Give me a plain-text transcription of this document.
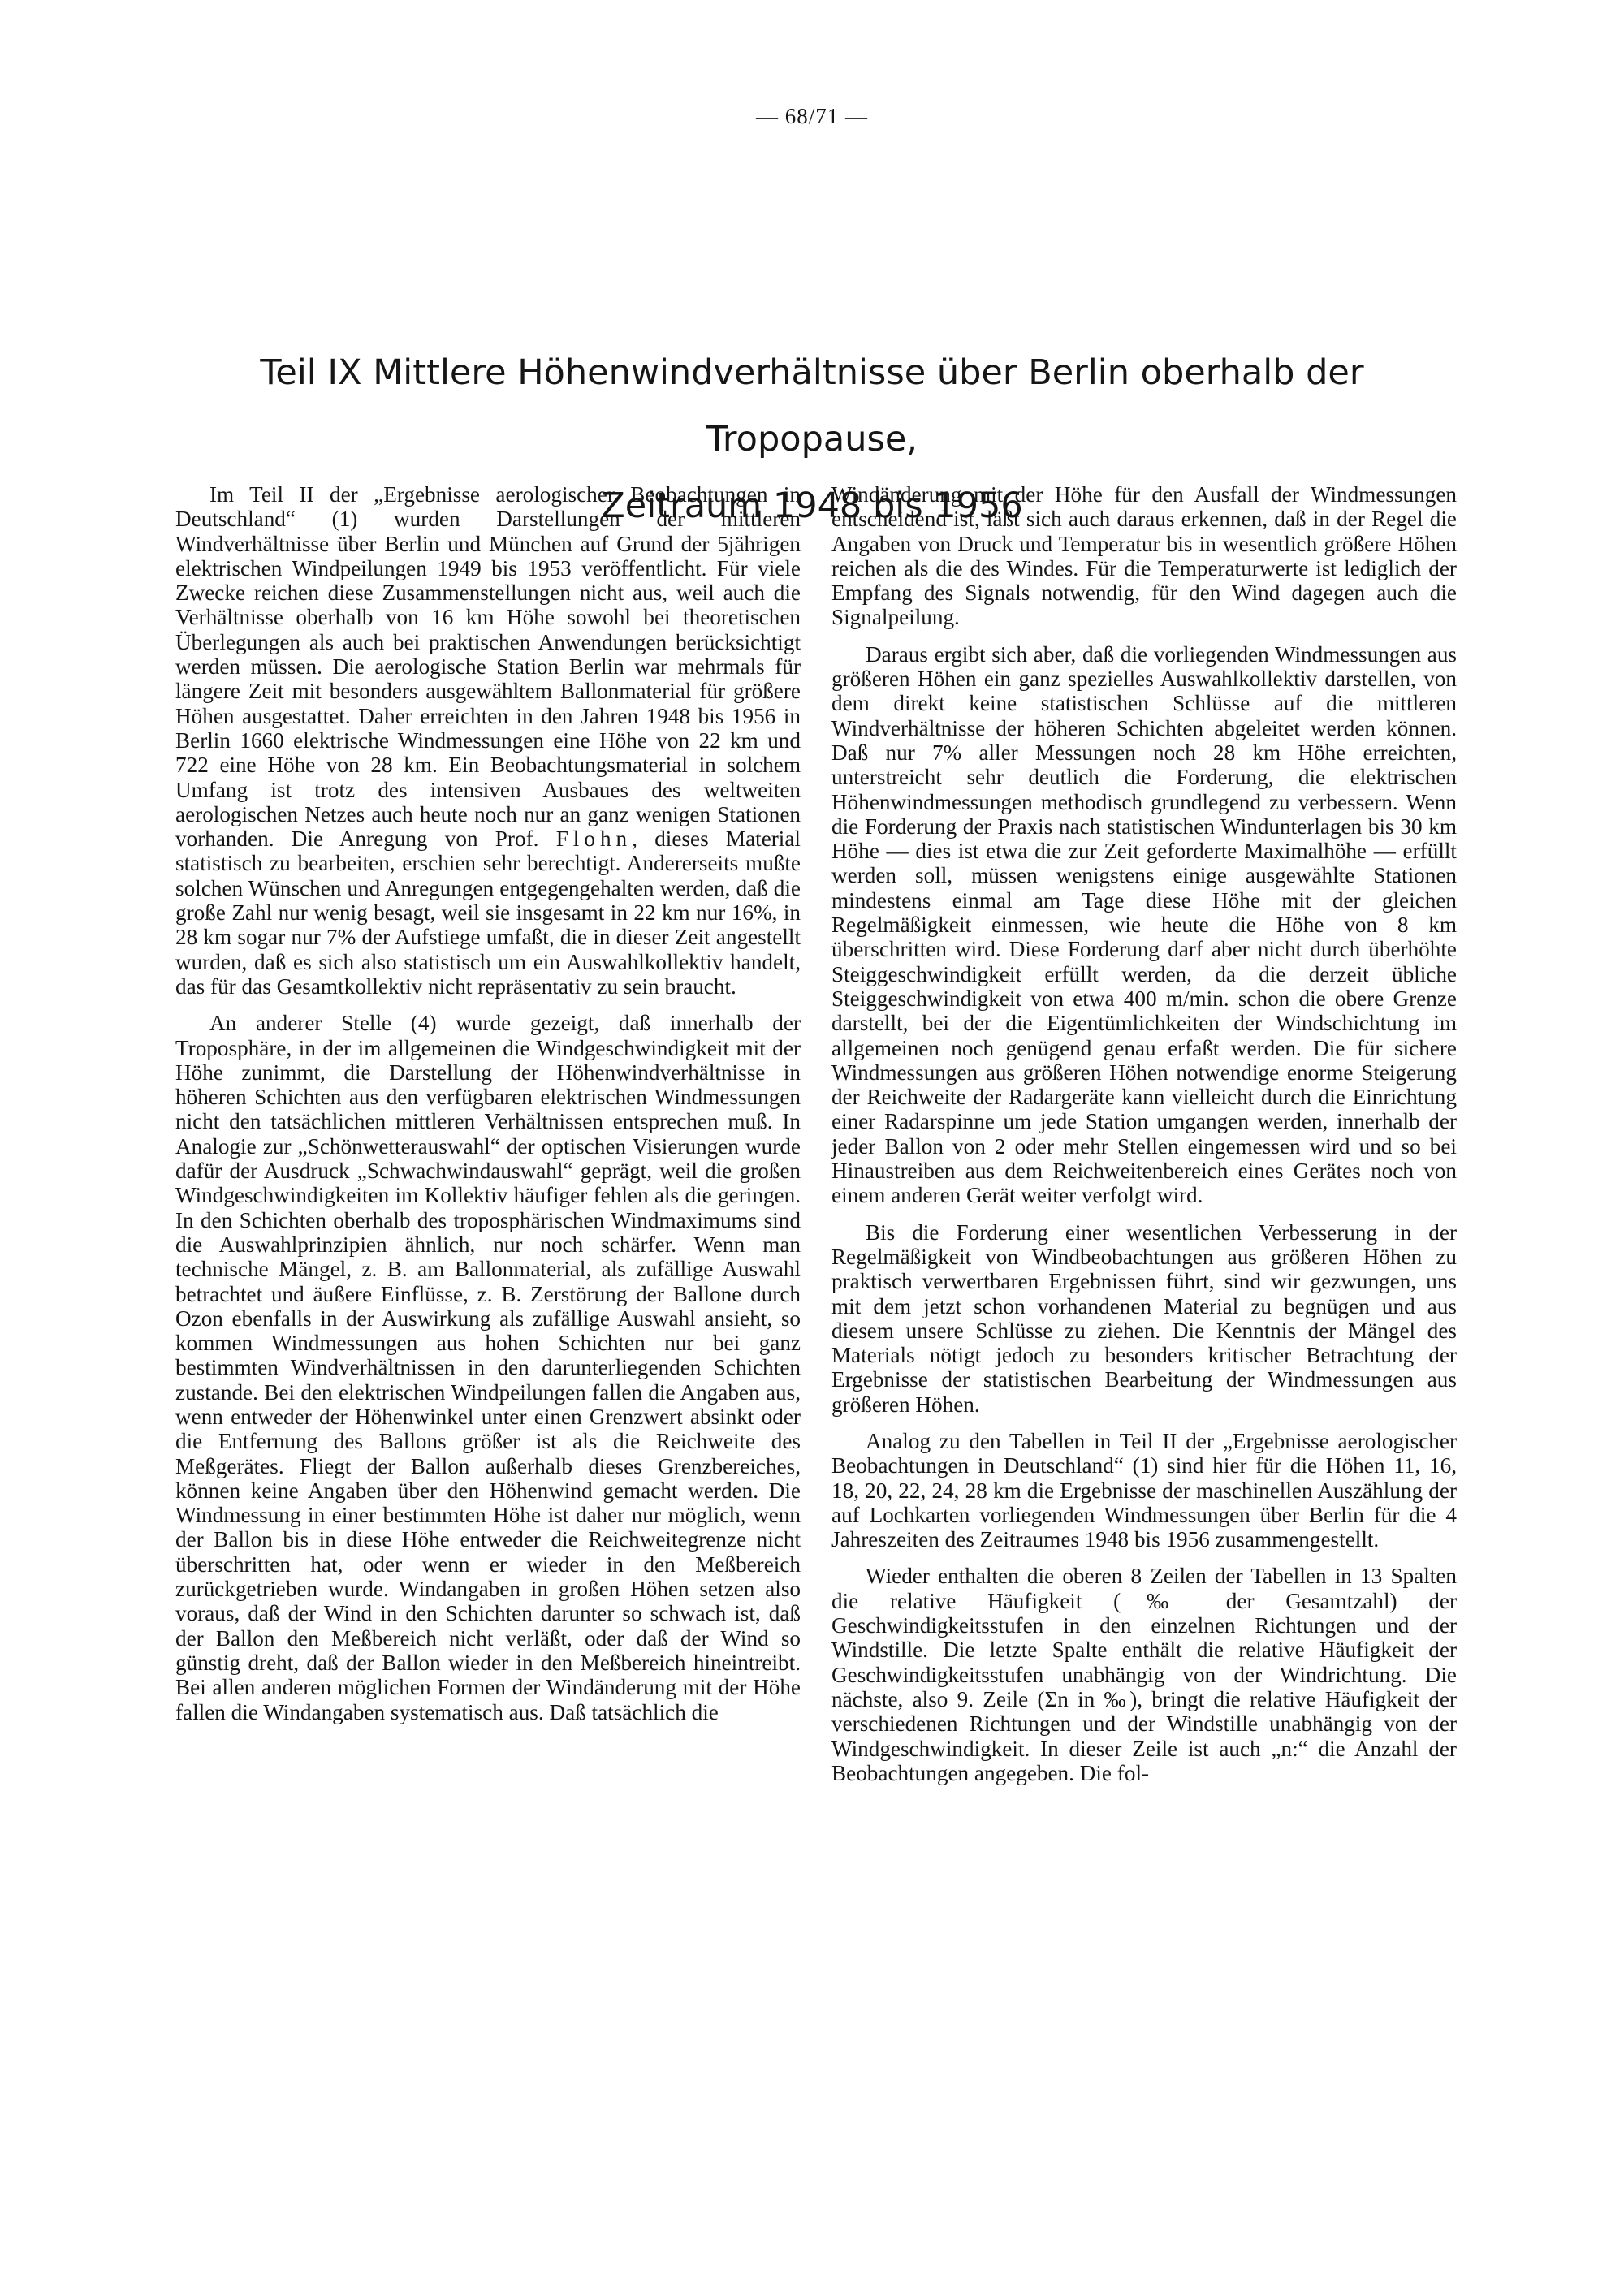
— 68/71 —
Teil IX Mittlere Höhenwindverhältnisse über Berlin oberhalb der Tropopause,
Zeitraum 1948 bis 1956

Im Teil II der „Ergebnisse aerologischer Beobachtungen in Deutschland“ (1) wurden Darstellungen der mittleren Windverhältnisse über Berlin und München auf Grund der 5jährigen elektrischen Windpeilungen 1949 bis 1953 veröffentlicht. Für viele Zwecke reichen diese Zusammenstellungen nicht aus, weil auch die Verhältnisse oberhalb von 16 km Höhe sowohl bei theoretischen Überlegungen als auch bei praktischen Anwendungen berücksichtigt werden müssen. Die aerologische Station Berlin war mehrmals für längere Zeit mit besonders ausgewähltem Ballonmaterial für größere Höhen ausgestattet. Daher erreichten in den Jahren 1948 bis 1956 in Berlin 1660 elektrische Windmessungen eine Höhe von 22 km und 722 eine Höhe von 28 km. Ein Beobachtungsmaterial in solchem Umfang ist trotz des intensiven Ausbaues des weltweiten aerologischen Netzes auch heute noch nur an ganz wenigen Stationen vorhanden. Die Anregung von Prof. Flohn, dieses Material statistisch zu bearbeiten, erschien sehr berechtigt. Andererseits mußte solchen Wünschen und Anregungen entgegengehalten werden, daß die große Zahl nur wenig besagt, weil sie insgesamt in 22 km nur 16%, in 28 km sogar nur 7% der Aufstiege umfaßt, die in dieser Zeit angestellt wurden, daß es sich also statistisch um ein Auswahlkollektiv handelt, das für das Gesamtkollektiv nicht repräsentativ zu sein braucht.

An anderer Stelle (4) wurde gezeigt, daß innerhalb der Troposphäre, in der im allgemeinen die Windgeschwindigkeit mit der Höhe zunimmt, die Darstellung der Höhenwindverhältnisse in höheren Schichten aus den verfügbaren elektrischen Windmessungen nicht den tatsächlichen mittleren Verhältnissen entsprechen muß. In Analogie zur „Schönwetterauswahl“ der optischen Visierungen wurde dafür der Ausdruck „Schwachwindauswahl“ geprägt, weil die großen Windgeschwindigkeiten im Kollektiv häufiger fehlen als die geringen. In den Schichten oberhalb des troposphärischen Windmaximums sind die Auswahlprinzipien ähnlich, nur noch schärfer. Wenn man technische Mängel, z. B. am Ballonmaterial, als zufällige Auswahl betrachtet und äußere Einflüsse, z. B. Zerstörung der Ballone durch Ozon ebenfalls in der Auswirkung als zufällige Auswahl ansieht, so kommen Windmessungen aus hohen Schichten nur bei ganz bestimmten Windverhältnissen in den darunterliegenden Schichten zustande. Bei den elektrischen Windpeilungen fallen die Angaben aus, wenn entweder der Höhenwinkel unter einen Grenzwert absinkt oder die Entfernung des Ballons größer ist als die Reichweite des Meßgerätes. Fliegt der Ballon außerhalb dieses Grenzbereiches, können keine Angaben über den Höhenwind gemacht werden. Die Windmessung in einer bestimmten Höhe ist daher nur möglich, wenn der Ballon bis in diese Höhe entweder die Reichweitegrenze nicht überschritten hat, oder wenn er wieder in den Meßbereich zurückgetrieben wurde. Windangaben in großen Höhen setzen also voraus, daß der Wind in den Schichten darunter so schwach ist, daß der Ballon den Meßbereich nicht verläßt, oder daß der Wind so günstig dreht, daß der Ballon wieder in den Meßbereich hineintreibt. Bei allen anderen möglichen Formen der Windänderung mit der Höhe fallen die Windangaben systematisch aus. Daß tatsächlich die

Windänderung mit der Höhe für den Ausfall der Windmessungen entscheidend ist, läßt sich auch daraus erkennen, daß in der Regel die Angaben von Druck und Temperatur bis in wesentlich größere Höhen reichen als die des Windes. Für die Temperaturwerte ist lediglich der Empfang des Signals notwendig, für den Wind dagegen auch die Signalpeilung.

Daraus ergibt sich aber, daß die vorliegenden Windmessungen aus größeren Höhen ein ganz spezielles Auswahlkollektiv darstellen, von dem direkt keine statistischen Schlüsse auf die mittleren Windverhältnisse der höheren Schichten abgeleitet werden können. Daß nur 7% aller Messungen noch 28 km Höhe erreichten, unterstreicht sehr deutlich die Forderung, die elektrischen Höhenwindmessungen methodisch grundlegend zu verbessern. Wenn die Forderung der Praxis nach statistischen Windunterlagen bis 30 km Höhe — dies ist etwa die zur Zeit geforderte Maximalhöhe — erfüllt werden soll, müssen wenigstens einige ausgewählte Stationen mindestens einmal am Tage diese Höhe mit der gleichen Regelmäßigkeit einmessen, wie heute die Höhe von 8 km überschritten wird. Diese Forderung darf aber nicht durch überhöhte Steiggeschwindigkeit erfüllt werden, da die derzeit übliche Steiggeschwindigkeit von etwa 400 m/min. schon die obere Grenze darstellt, bei der die Eigentümlichkeiten der Windschichtung im allgemeinen noch genügend genau erfaßt werden. Die für sichere Windmessungen aus größeren Höhen notwendige enorme Steigerung der Reichweite der Radargeräte kann vielleicht durch die Einrichtung einer Radarspinne um jede Station umgangen werden, innerhalb der jeder Ballon von 2 oder mehr Stellen eingemessen wird und so bei Hinaustreiben aus dem Reichweitenbereich eines Gerätes noch von einem anderen Gerät weiter verfolgt wird.

Bis die Forderung einer wesentlichen Verbesserung in der Regelmäßigkeit von Windbeobachtungen aus größeren Höhen zu praktisch verwertbaren Ergebnissen führt, sind wir gezwungen, uns mit dem jetzt schon vorhandenen Material zu begnügen und aus diesem unsere Schlüsse zu ziehen. Die Kenntnis der Mängel des Materials nötigt jedoch zu besonders kritischer Betrachtung der Ergebnisse der statistischen Bearbeitung der Windmessungen aus größeren Höhen.

Analog zu den Tabellen in Teil II der „Ergebnisse aerologischer Beobachtungen in Deutschland“ (1) sind hier für die Höhen 11, 16, 18, 20, 22, 24, 28 km die Ergebnisse der maschinellen Auszählung der auf Lochkarten vorliegenden Windmessungen über Berlin für die 4 Jahreszeiten des Zeitraumes 1948 bis 1956 zusammengestellt.

Wieder enthalten die oberen 8 Zeilen der Tabellen in 13 Spalten die relative Häufigkeit (‰ der Gesamtzahl) der Geschwindigkeitsstufen in den einzelnen Richtungen und der Windstille. Die letzte Spalte enthält die relative Häufigkeit der Geschwindigkeitsstufen unabhängig von der Windrichtung. Die nächste, also 9. Zeile (Σn in ‰), bringt die relative Häufigkeit der verschiedenen Richtungen und der Windstille unabhängig von der Windgeschwindigkeit. In dieser Zeile ist auch „n:“ die Anzahl der Beobachtungen angegeben. Die fol-
